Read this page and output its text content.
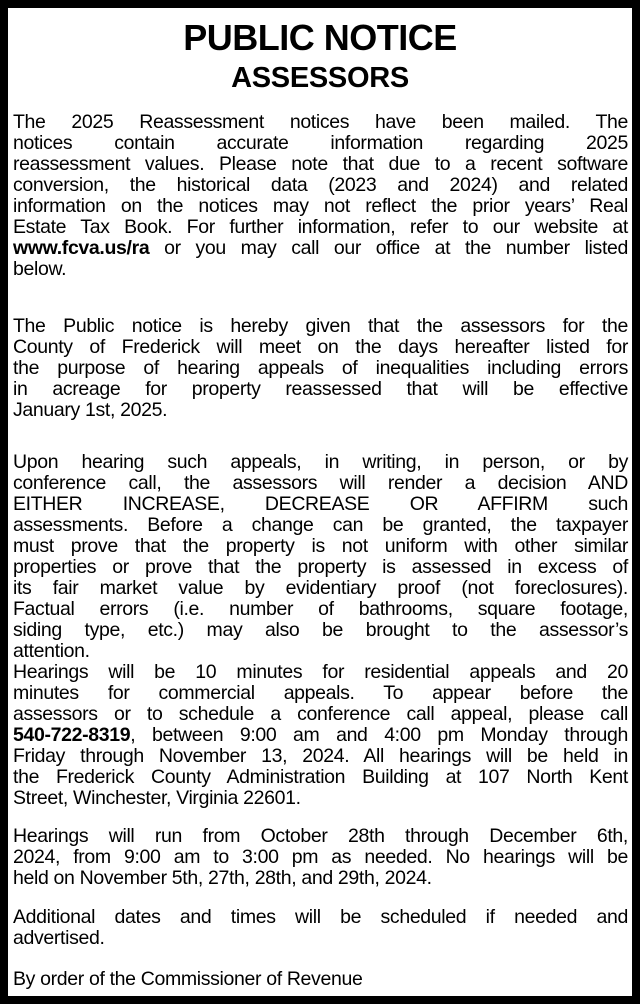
PUBLIC NOTICE
ASSESSORS
The 2025 Reassessment notices have been mailed. The
notices contain accurate information regarding 2025
reassessment values. Please note that due to a recent software
conversion, the historical data (2023 and 2024) and related
information on the notices may not reflect the prior years’ Real
Estate Tax Book. For further information, refer to our website at
www.fcva.us/ra or you may call our office at the number listed
below.
The Public notice is hereby given that the assessors for the
County of Frederick will meet on the days hereafter listed for
the purpose of hearing appeals of inequalities including errors
in acreage for property reassessed that will be effective
January 1st, 2025.
Upon hearing such appeals, in writing, in person, or by
conference call, the assessors will render a decision AND
EITHER INCREASE, DECREASE OR AFFIRM such
assessments. Before a change can be granted, the taxpayer
must prove that the property is not uniform with other similar
properties or prove that the property is assessed in excess of
its fair market value by evidentiary proof (not foreclosures).
Factual errors (i.e. number of bathrooms, square footage,
siding type, etc.) may also be brought to the assessor’s
attention.
Hearings will be 10 minutes for residential appeals and 20
minutes for commercial appeals. To appear before the
assessors or to schedule a conference call appeal, please call
540-722-8319, between 9:00 am and 4:00 pm Monday through
Friday through November 13, 2024. All hearings will be held in
the Frederick County Administration Building at 107 North Kent
Street, Winchester, Virginia 22601.
Hearings will run from October 28th through December 6th,
2024, from 9:00 am to 3:00 pm as needed. No hearings will be
held on November 5th, 27th, 28th, and 29th, 2024.
Additional dates and times will be scheduled if needed and
advertised.
By order of the Commissioner of Revenue
